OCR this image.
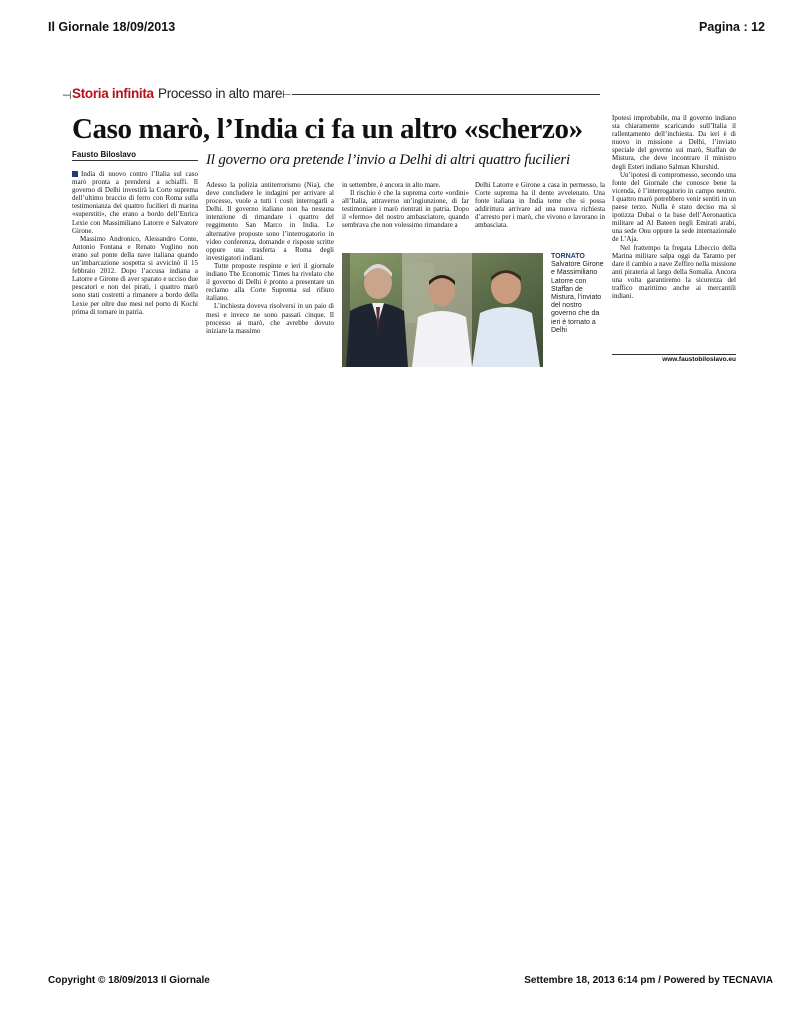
Il Giornale 18/09/2013	Pagina : 12
⊣ Storia infinita Processo in alto mare ⊢
Caso marò, l’India ci fa un altro «scherzo»
Fausto Biloslavo	Il governo ora pretende l’invio a Delhi di altri quattro fucilieri

India di nuovo contro l’Italia sul caso marò pronta a prendersi a schiaffi. Il governo di Delhi investirà la Corte suprema dell’ultimo braccio di ferro con Roma sulla testimonianza dei quattro fucilieri di marina «superstiti», che erano a bordo dell’Enrica Lexie con Massimiliano Latorre e Salvatore Girone.

Massimo Andronico, Alessandro Conte, Antonio Fontana e Renato Voglino non erano sul ponte della nave italiana quando un’imbarcazione sospetta si avvicinò il 15 febbraio 2012. Dopo l’accusa indiana a Latorre e Girone di aver sparato e ucciso due pescatori e non dei pirati, i quattro marò sono stati costretti a rimanere a bordo della Lexie per oltre due mesi nel porto di Kochi prima di tornare in patria.

Adesso la polizia antiterrorismo (Nia), che deve concludere le indagini per arrivare al processo, vuole a tutti i costi interrogarli a Delhi. Il governo italiano non ha nessuna intenzione di rimandare i quattro del reggimento San Marco in India. Le alternative proposte sono l’interrogatorio in video conferenza, domande e risposte scritte oppure una trasferta a Roma degli investigatori indiani.

Tutte proposte respinte e ieri il giornale indiano The Economic Times ha rivelato che il governo di Delhi è pronto a presentare un reclamo alla Corte Suprema sul rifiuto italiano.

L’inchiesta doveva risolversi in un paio di mesi e invece ne sono passati cinque. Il processo ai marò, che avrebbe dovuto iniziare la massimo

in settembre, è ancora in alto mare.

Il rischio è che la suprema corte «ordini» all’Italia, attraverso un’ingiunzione, di far testimoniare i marò rientrati in patria. Dopo il «fermo» del nostro ambasciatore, quando sembrava che non volessimo rimandare a

Delhi Latorre e Girone a casa in permesso, la Corte suprema ha il dente avvelenato. Una fonte italiana in India teme che si possa addirittura arrivare ad una nuova richiesta d’arresto per i marò, che vivono e lavorano in ambasciata.

Ipotesi improbabile, ma il governo indiano sta chiaramente scaricando sull’Italia il rallentamento dell’inchiesta. Da ieri è di nuovo in missione a Delhi, l’inviato speciale del governo sui marò, Staffan de Mistura, che deve incontrare il ministro degli Esteri indiano Salman Khurshid.

Un’ipotesi di compromesso, secondo una fonte del Giornale che conosce bene la vicenda, è l’interrogatorio in campo neutro. I quattro marò potrebbero venir sentiti in un paese terzo. Nulla è stato deciso ma si ipotizza Dubai o la base dell’Aeronautica militare ad Al Bateen negli Emirati arabi, una sede Onu oppure la sede internazionale de L’Aja.

Nel frattempo la fregata Libeccio della Marina militare salpa oggi da Taranto per dare il cambio a nave Zeffiro nella missione anti pirateria al largo della Somalia. Ancora una volta garantiremo la sicurezza del traffico marittimo anche ai mercantili indiani.

www.faustobiloslavo.eu
TORNATO
Salvatore Girone e Massimiliano Latorre con Staffan de Mistura, l’inviato del nostro governo che da ieri è tornato a Delhi
Copyright © 18/09/2013 Il Giornale	Settembre 18, 2013 6:14 pm / Powered by TECNAVIA
